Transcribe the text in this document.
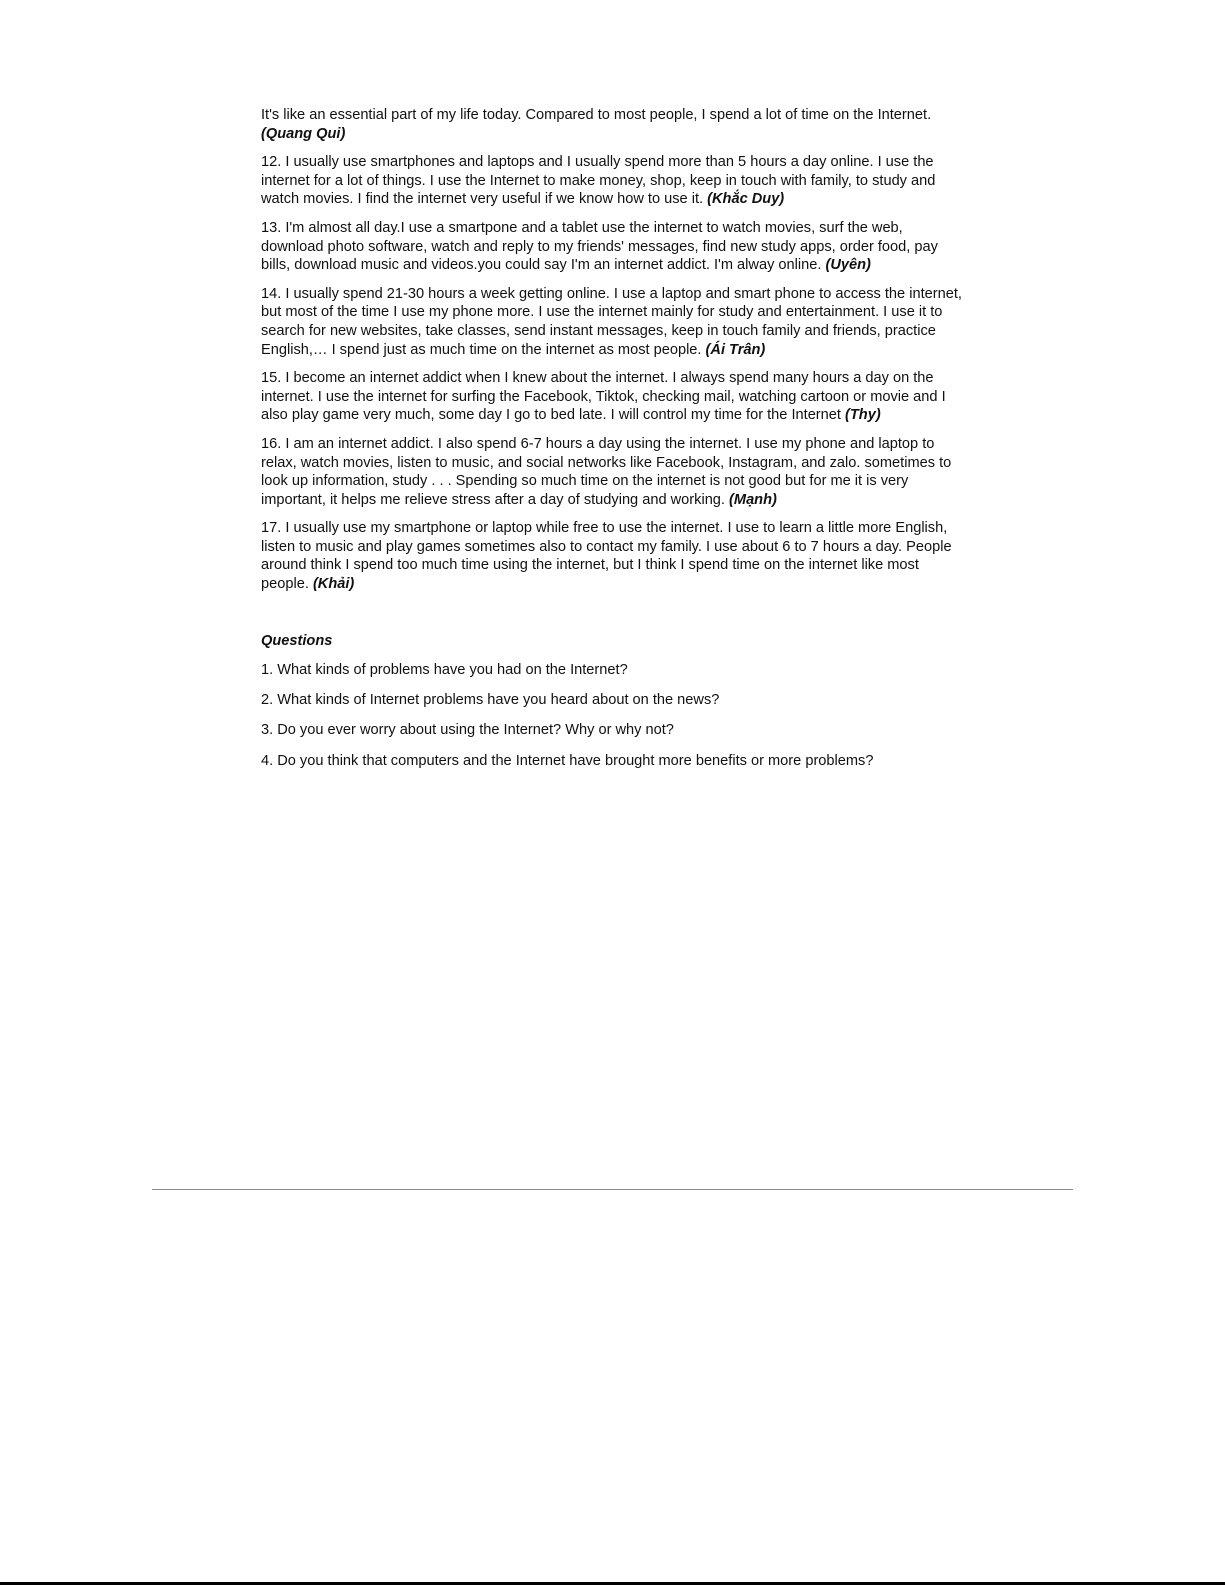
It's like an essential part of my life today. Compared to most people, I spend a lot of time on the Internet. (Quang Qui)

12. I usually use smartphones and laptops and I usually spend more than 5 hours a day online. I use the internet for a lot of things. I use the Internet to make money, shop, keep in touch with family, to study and watch movies. I find the internet very useful if we know how to use it. (Khắc Duy)

13. I'm almost all day.I use a smartpone and a tablet use the internet to watch movies, surf the web, download photo software, watch and reply to my friends' messages, find new study apps, order food, pay bills, download music and videos.you could say I'm an internet addict. I'm alway online. (Uyên)

14. I usually spend 21-30 hours a week getting online. I use a laptop and smart phone to access the internet, but most of the time I use my phone more. I use the internet mainly for study and entertainment. I use it to search for new websites, take classes, send instant messages, keep in touch family and friends, practice English,… I spend just as much time on the internet as most people. (Ái Trân)

15. I become an internet addict when I knew about the internet. I always spend many hours a day on the internet. I use the internet for surfing the Facebook, Tiktok, checking mail, watching cartoon or movie and I also play game very much, some day I go to bed late. I will control my time for the Internet (Thy)

16. I am an internet addict. I also spend 6-7 hours a day using the internet. I use my phone and laptop to relax, watch movies, listen to music, and social networks like Facebook, Instagram, and zalo. sometimes to look up information, study . . . Spending so much time on the internet is not good but for me it is very important, it helps me relieve stress after a day of studying and working. (Mạnh)

17. I usually use my smartphone or laptop while free to use the internet. I use to learn a little more English, listen to music and play games sometimes also to contact my family. I use about 6 to 7 hours a day. People around think I spend too much time using the internet, but I think I spend time on the internet like most people. (Khải)

Questions

1. What kinds of problems have you had on the Internet?

2. What kinds of Internet problems have you heard about on the news?

3. Do you ever worry about using the Internet? Why or why not?

4. Do you think that computers and the Internet have brought more benefits or more problems?
